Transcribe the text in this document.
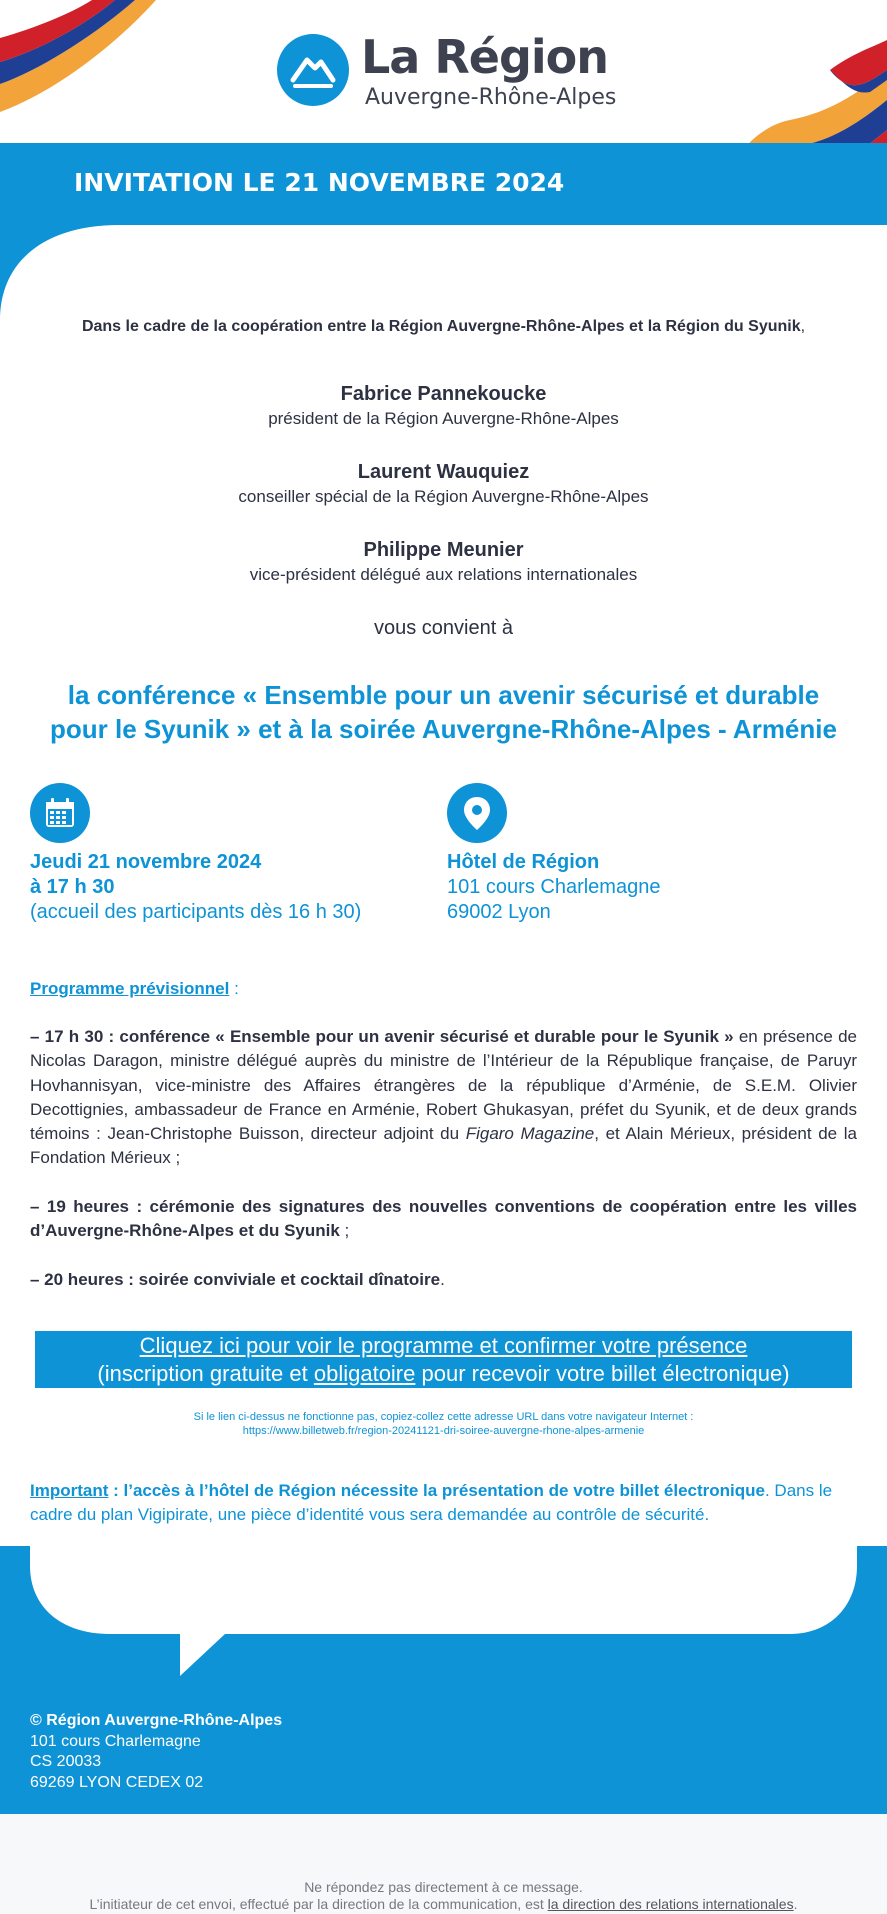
La Région
Auvergne-Rhône-Alpes
INVITATION LE 21 NOVEMBRE 2024
Dans le cadre de la coopération entre la Région Auvergne-Rhône-Alpes et la Région du Syunik,
Fabrice Pannekoucke
président de la Région Auvergne-Rhône-Alpes
Laurent Wauquiez
conseiller spécial de la Région Auvergne-Rhône-Alpes
Philippe Meunier
vice-président délégué aux relations internationales
vous convient à
la conférence « Ensemble pour un avenir sécurisé et durable
pour le Syunik » et à la soirée Auvergne-Rhône-Alpes - Arménie
Jeudi 21 novembre 2024
à 17 h 30
(accueil des participants dès 16 h 30)
Hôtel de Région
101 cours Charlemagne
69002 Lyon
Programme prévisionnel :
– 17 h 30 : conférence « Ensemble pour un avenir sécurisé et durable pour le Syunik » en présence de Nicolas Daragon, ministre délégué auprès du ministre de l’Intérieur de la République française, de Paruyr Hovhannisyan, vice-ministre des Affaires étrangères de la république d’Arménie, de S.E.M. Olivier Decottignies, ambassadeur de France en Arménie, Robert Ghukasyan, préfet du Syunik, et de deux grands témoins : Jean-Christophe Buisson, directeur adjoint du Figaro Magazine, et Alain Mérieux, président de la Fondation Mérieux ;
– 19 heures : cérémonie des signatures des nouvelles conventions de coopération entre les villes d’Auvergne-Rhône-Alpes et du Syunik ;
– 20 heures : soirée conviviale et cocktail dînatoire.
Cliquez ici pour voir le programme et confirmer votre présence
(inscription gratuite et obligatoire pour recevoir votre billet électronique)
Si le lien ci-dessus ne fonctionne pas, copiez-collez cette adresse URL dans votre navigateur Internet :
https://www.billetweb.fr/region-20241121-dri-soiree-auvergne-rhone-alpes-armenie
Important : l’accès à l’hôtel de Région nécessite la présentation de votre billet électronique. Dans le cadre du plan Vigipirate, une pièce d’identité vous sera demandée au contrôle de sécurité.
© Région Auvergne-Rhône-Alpes
101 cours Charlemagne
CS 20033
69269 LYON CEDEX 02
Ne répondez pas directement à ce message.
L’initiateur de cet envoi, effectué par la direction de la communication, est la direction des relations internationales.
